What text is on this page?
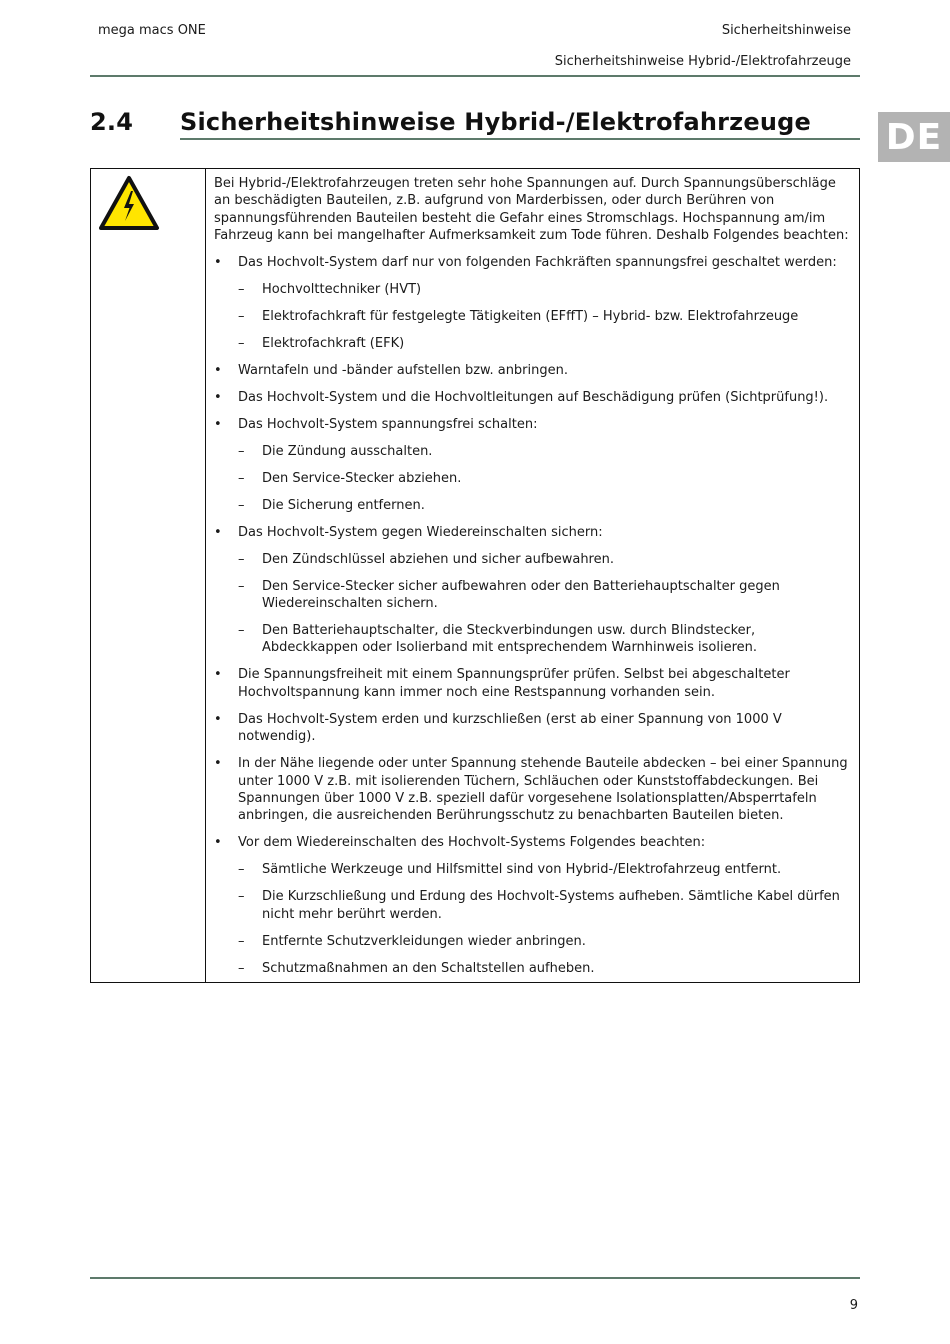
mega macs ONE	Sicherheitshinweise
Sicherheitshinweise Hybrid-/Elektrofahrzeuge
2.4 Sicherheitshinweise Hybrid-/Elektrofahrzeuge	DE

Bei Hybrid-/Elektrofahrzeugen treten sehr hohe Spannungen auf. Durch Spannungsüberschläge an beschädigten Bauteilen, z.B. aufgrund von Marderbissen, oder durch Berühren von spannungsführenden Bauteilen besteht die Gefahr eines Stromschlags. Hochspannung am/im Fahrzeug kann bei mangelhafter Aufmerksamkeit zum Tode führen. Deshalb Folgendes beachten:

• Das Hochvolt-System darf nur von folgenden Fachkräften spannungsfrei geschaltet werden:
– Hochvolttechniker (HVT)
– Elektrofachkraft für festgelegte Tätigkeiten (EFffT) – Hybrid- bzw. Elektrofahrzeuge
– Elektrofachkraft (EFK)
• Warntafeln und -bänder aufstellen bzw. anbringen.
• Das Hochvolt-System und die Hochvoltleitungen auf Beschädigung prüfen (Sichtprüfung!).
• Das Hochvolt-System spannungsfrei schalten:
– Die Zündung ausschalten.
– Den Service-Stecker abziehen.
– Die Sicherung entfernen.
• Das Hochvolt-System gegen Wiedereinschalten sichern:
– Den Zündschlüssel abziehen und sicher aufbewahren.
– Den Service-Stecker sicher aufbewahren oder den Batteriehauptschalter gegen Wiedereinschalten sichern.
– Den Batteriehauptschalter, die Steckverbindungen usw. durch Blindstecker, Abdeckkappen oder Isolierband mit entsprechendem Warnhinweis isolieren.
• Die Spannungsfreiheit mit einem Spannungsprüfer prüfen. Selbst bei abgeschalteter Hochvoltspannung kann immer noch eine Restspannung vorhanden sein.
• Das Hochvolt-System erden und kurzschließen (erst ab einer Spannung von 1000 V notwendig).
• In der Nähe liegende oder unter Spannung stehende Bauteile abdecken – bei einer Spannung unter 1000 V z.B. mit isolierenden Tüchern, Schläuchen oder Kunststoffabdeckungen. Bei Spannungen über 1000 V z.B. speziell dafür vorgesehene Isolationsplatten/Absperrtafeln anbringen, die ausreichenden Berührungsschutz zu benachbarten Bauteilen bieten.
• Vor dem Wiedereinschalten des Hochvolt-Systems Folgendes beachten:
– Sämtliche Werkzeuge und Hilfsmittel sind von Hybrid-/Elektrofahrzeug entfernt.
– Die Kurzschließung und Erdung des Hochvolt-Systems aufheben. Sämtliche Kabel dürfen nicht mehr berührt werden.
– Entfernte Schutzverkleidungen wieder anbringen.
– Schutzmaßnahmen an den Schaltstellen aufheben.
9
